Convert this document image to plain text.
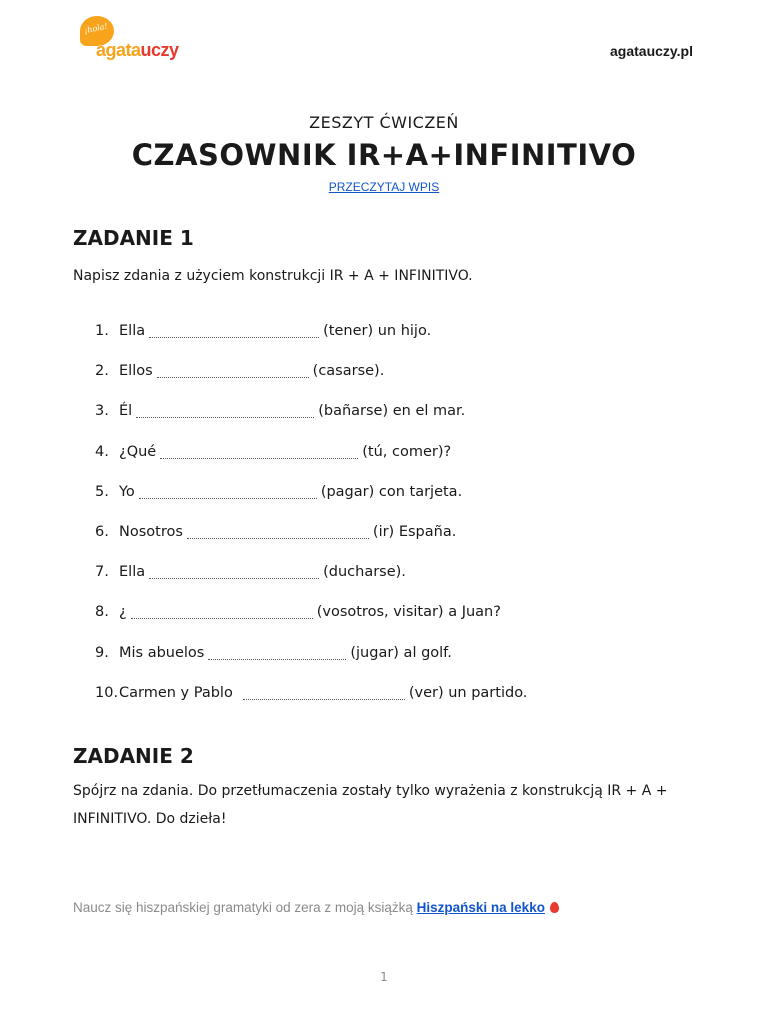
¡hola!
agatauczy	agatauczy.pl
ZESZYT ĆWICZEŃ
CZASOWNIK IR+A+INFINITIVO
PRZECZYTAJ WPIS
ZADANIE 1
Napisz zdania z użyciem konstrukcji IR + A + INFINITIVO.
1. Ella	(tener) un hijo.
2. Ellos	(casarse).
3. Él	(bañarse) en el mar.
4. ¿Qué	(tú, comer)?
5. Yo	(pagar) con tarjeta.
6. Nosotros	(ir) España.
7. Ella	(ducharse).
8. ¿	(vosotros, visitar) a Juan?
9. Mis abuelos	(jugar) al golf.
10. Carmen y Pablo	(ver) un partido.
ZADANIE 2
Spójrz na zdania. Do przetłumaczenia zostały tylko wyrażenia z konstrukcją IR + A + INFINITIVO. Do dzieła!
Naucz się hiszpańskiej gramatyki od zera z moją książką Hiszpański na lekko
1
